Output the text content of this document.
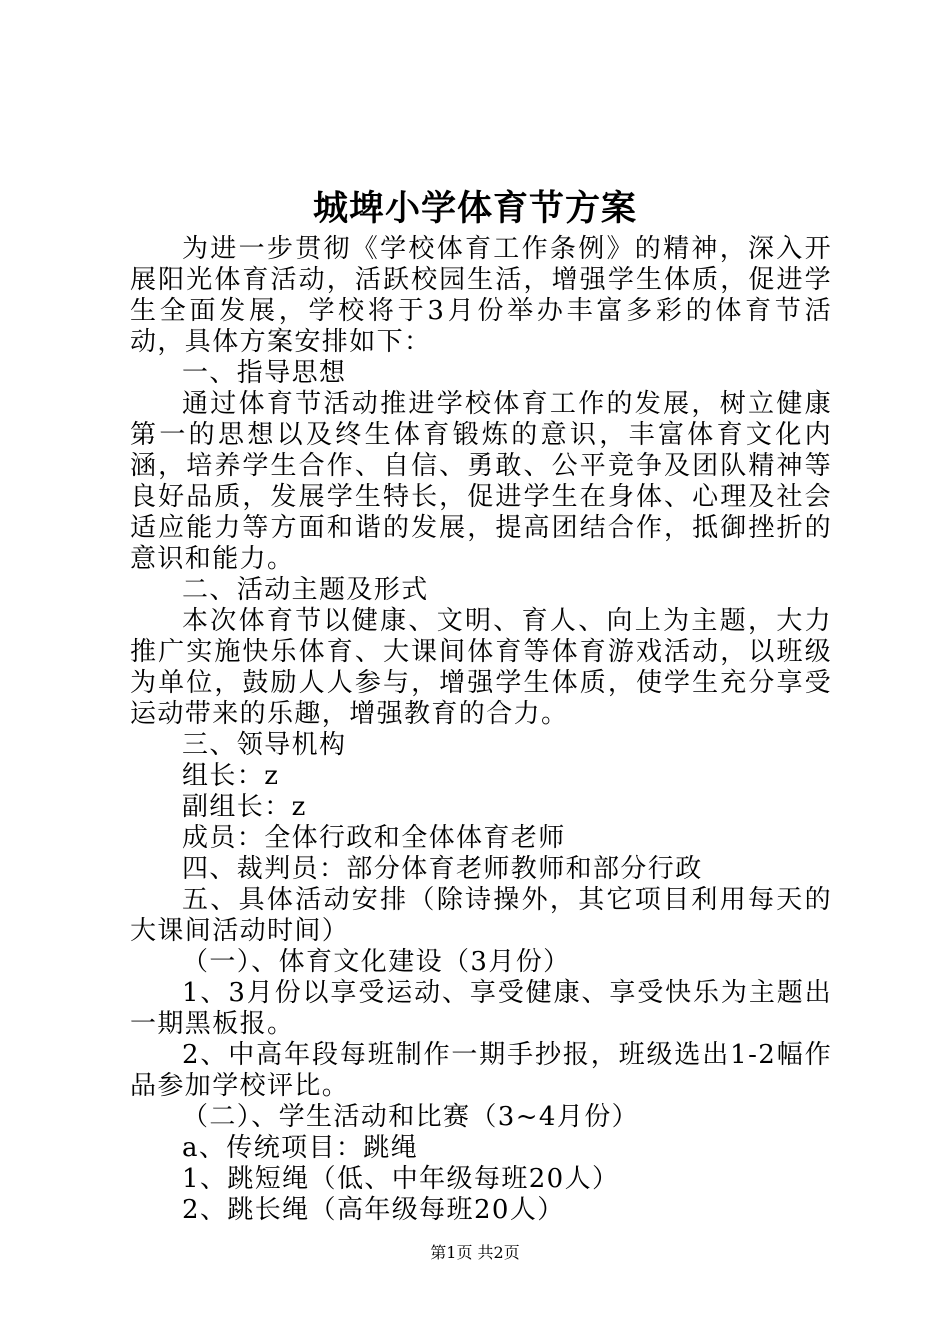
城埤小学体育节方案

为进一步贯彻《学校体育工作条例》的精神，深入开展阳光体育活动，活跃校园生活，增强学生体质，促进学生全面发展，学校将于3月份举办丰富多彩的体育节活动，具体方案安排如下：

一、指导思想

通过体育节活动推进学校体育工作的发展，树立健康第一的思想以及终生体育锻炼的意识，丰富体育文化内涵，培养学生合作、自信、勇敢、公平竞争及团队精神等良好品质，发展学生特长，促进学生在身体、心理及社会适应能力等方面和谐的发展，提高团结合作，抵御挫折的意识和能力。

二、活动主题及形式

本次体育节以健康、文明、育人、向上为主题，大力推广实施快乐体育、大课间体育等体育游戏活动，以班级为单位，鼓励人人参与，增强学生体质，使学生充分享受运动带来的乐趣，增强教育的合力。

三、领导机构

组长：z

副组长：z

成员：全体行政和全体体育老师

四、裁判员：部分体育老师教师和部分行政

五、具体活动安排（除诗操外，其它项目利用每天的大课间活动时间）

（一）、体育文化建设（3月份）

1、3月份以享受运动、享受健康、享受快乐为主题出一期黑板报。

2、中高年段每班制作一期手抄报，班级选出1-2幅作品参加学校评比。

（二）、学生活动和比赛（3~4月份）

a、传统项目：跳绳

1、跳短绳（低、中年级每班20人）

2、跳长绳（高年级每班20人）

第1页 共2页
